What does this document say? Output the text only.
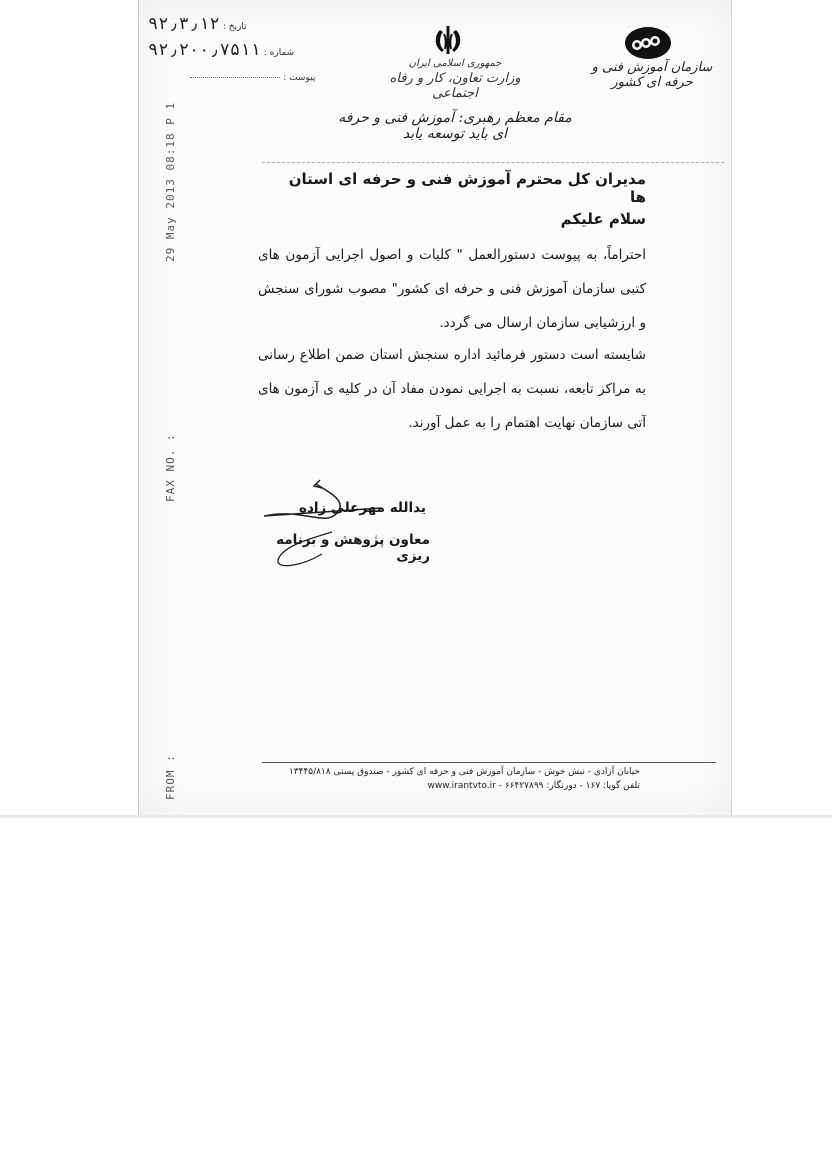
تاریخ : ۹۲٫۳٫۱۲
شماره : ۹۲٫۲۰۰٫۷۵۱۱
پیوست :
جمهوری اسلامی ایران
وزارت تعاون، کار و رفاه اجتماعی
سازمان آموزش فنی و حرفه ای کشور
مقام معظم رهبری: آموزش فنی و حرفه ای باید توسعه یابد
29 May 2013 08:18 P 1
FAX NO. :
FROM :
مدیران کل محترم آموزش فنی و حرفه ای استان ها
سلام علیکم
احتراماً، به پیوست دستورالعمل " کلیات و اصول اجرایی آزمون های کتبی سازمان آموزش فنی و حرفه ای کشور" مصوب شورای سنجش و ارزشیابی سازمان ارسال می گردد.
شایسته است دستور فرمائید اداره سنجش استان ضمن اطلاع رسانی به مراکز تابعه، نسبت به اجرایی نمودن مفاد آن در کلیه ی آزمون های آتی سازمان نهایت اهتمام را به عمل آورند.
یدالله مهرعلی زاده
معاون پژوهش و برنامه ریزی
خیابان آزادی - نبش خوش - سازمان آموزش فنی و حرفه ای کشور - صندوق پستی ۱۳۴۴۵/۸۱۸
تلفن گویا: ۱۶۷ - دورنگار: ۶۶۴۲۷۸۹۹ - www.irantvto.ir
